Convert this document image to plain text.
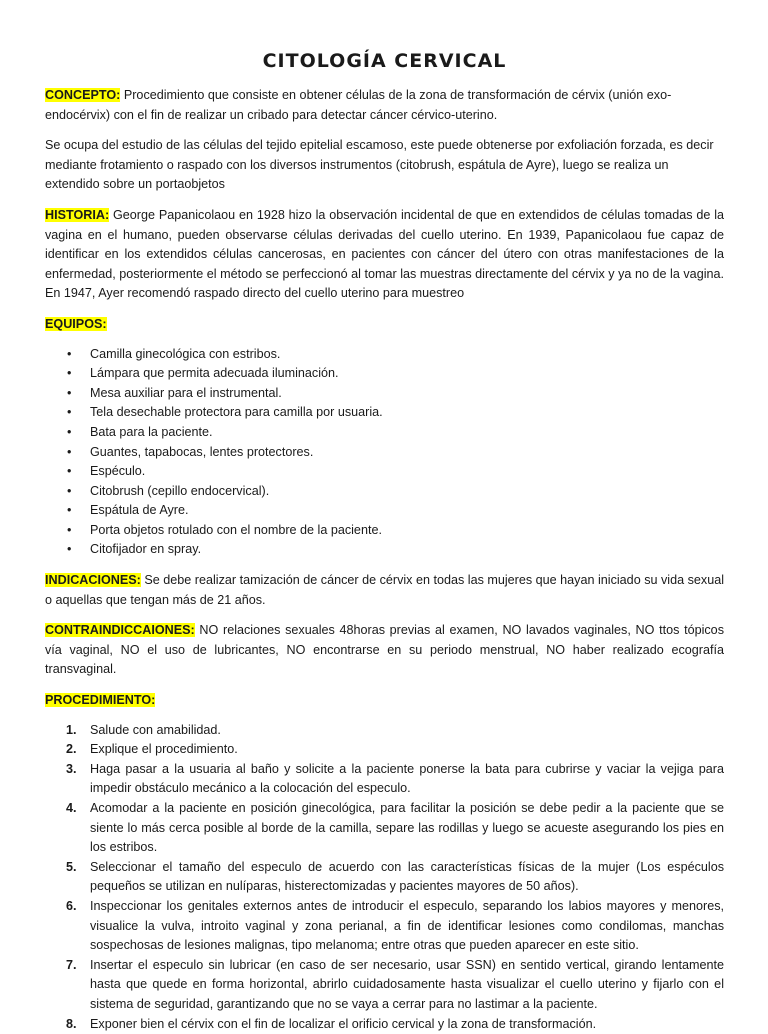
CITOLOGÍA CERVICAL

CONCEPTO: Procedimiento que consiste en obtener células de la zona de transformación de cérvix (unión exo-endocérvix) con el fin de realizar un cribado para detectar cáncer cérvico-uterino.

Se ocupa del estudio de las células del tejido epitelial escamoso, este puede obtenerse por exfoliación forzada, es decir mediante frotamiento o raspado con los diversos instrumentos (citobrush, espátula de Ayre), luego se realiza un extendido sobre un portaobjetos

HISTORIA: George Papanicolaou en 1928 hizo la observación incidental de que en extendidos de células tomadas de la vagina en el humano, pueden observarse células derivadas del cuello uterino. En 1939, Papanicolaou fue capaz de identificar en los extendidos células cancerosas, en pacientes con cáncer del útero con otras manifestaciones de la enfermedad, posteriormente el método se perfeccionó al tomar las muestras directamente del cérvix y ya no de la vagina. En 1947, Ayer recomendó raspado directo del cuello uterino para muestreo

EQUIPOS:

• Camilla ginecológica con estribos.
• Lámpara que permita adecuada iluminación.
• Mesa auxiliar para el instrumental.
• Tela desechable protectora para camilla por usuaria.
• Bata para la paciente.
• Guantes, tapabocas, lentes protectores.
• Espéculo.
• Citobrush (cepillo endocervical).
• Espátula de Ayre.
• Porta objetos rotulado con el nombre de la paciente.
• Citofijador en spray.

INDICACIONES: Se debe realizar tamización de cáncer de cérvix en todas las mujeres que hayan iniciado su vida sexual o aquellas que tengan más de 21 años.

CONTRAINDICCAIONES: NO relaciones sexuales 48horas previas al examen, NO lavados vaginales, NO ttos tópicos vía vaginal, NO el uso de lubricantes, NO encontrarse en su periodo menstrual, NO haber realizado ecografía transvaginal.

PROCEDIMIENTO:

1. Salude con amabilidad.
2. Explique el procedimiento.
3. Haga pasar a la usuaria al baño y solicite a la paciente ponerse la bata para cubrirse y vaciar la vejiga para impedir obstáculo mecánico a la colocación del especulo.
4. Acomodar a la paciente en posición ginecológica, para facilitar la posición se debe pedir a la paciente que se siente lo más cerca posible al borde de la camilla, separe las rodillas y luego se acueste asegurando los pies en los estribos.
5. Seleccionar el tamaño del especulo de acuerdo con las características físicas de la mujer (Los espéculos pequeños se utilizan en nulíparas, histerectomizadas y pacientes mayores de 50 años).
6. Inspeccionar los genitales externos antes de introducir el especulo, separando los labios mayores y menores, visualice la vulva, introito vaginal y zona perianal, a fin de identificar lesiones como condilomas, manchas sospechosas de lesiones malignas, tipo melanoma; entre otras que pueden aparecer en este sitio.
7. Insertar el especulo sin lubricar (en caso de ser necesario, usar SSN) en sentido vertical, girando lentamente hasta que quede en forma horizontal, abrirlo cuidadosamente hasta visualizar el cuello uterino y fijarlo con el sistema de seguridad, garantizando que no se vaya a cerrar para no lastimar a la paciente.
8. Exponer bien el cérvix con el fin de localizar el orificio cervical y la zona de transformación.
